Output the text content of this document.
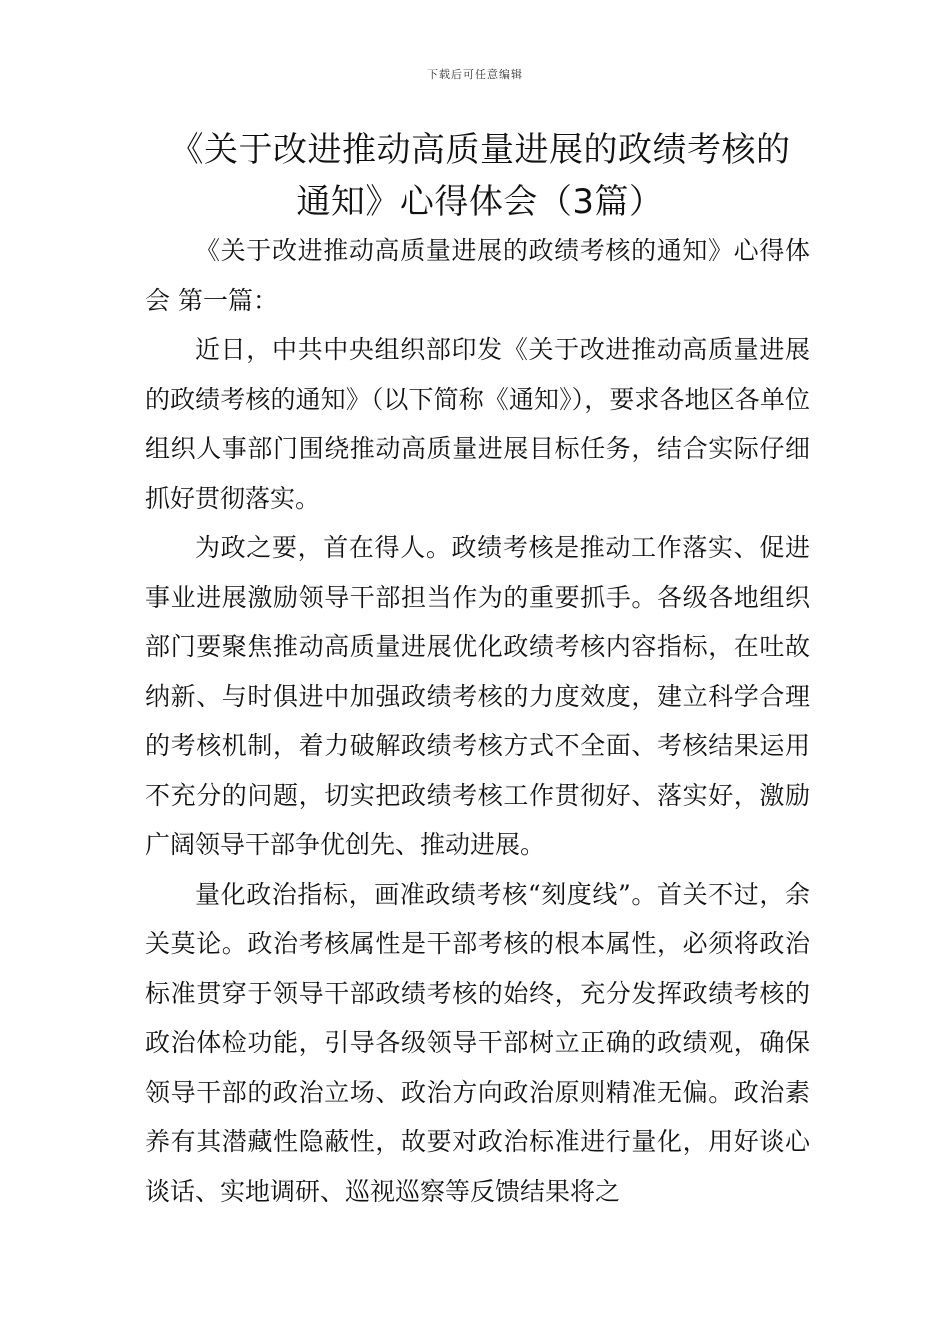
下载后可任意编辑
《关于改进推动高质量进展的政绩考核的
通知》心得体会（3篇）

《关于改进推动高质量进展的政绩考核的通知》心得体会 第一篇：

近日，中共中央组织部印发《关于改进推动高质量进展的政绩考核的通知》（以下简称《通知》），要求各地区各单位组织人事部门围绕推动高质量进展目标任务，结合实际仔细抓好贯彻落实。

为政之要，首在得人。政绩考核是推动工作落实、促进事业进展激励领导干部担当作为的重要抓手。各级各地组织部门要聚焦推动高质量进展优化政绩考核内容指标，在吐故纳新、与时俱进中加强政绩考核的力度效度，建立科学合理的考核机制，着力破解政绩考核方式不全面、考核结果运用不充分的问题，切实把政绩考核工作贯彻好、落实好，激励广阔领导干部争优创先、推动进展。

量化政治指标，画准政绩考核“刻度线”。首关不过，余关莫论。政治考核属性是干部考核的根本属性，必须将政治标准贯穿于领导干部政绩考核的始终，充分发挥政绩考核的政治体检功能，引导各级领导干部树立正确的政绩观，确保领导干部的政治立场、政治方向政治原则精准无偏。政治素养有其潜藏性隐蔽性，故要对政治标准进行量化，用好谈心谈话、实地调研、巡视巡察等反馈结果将之
